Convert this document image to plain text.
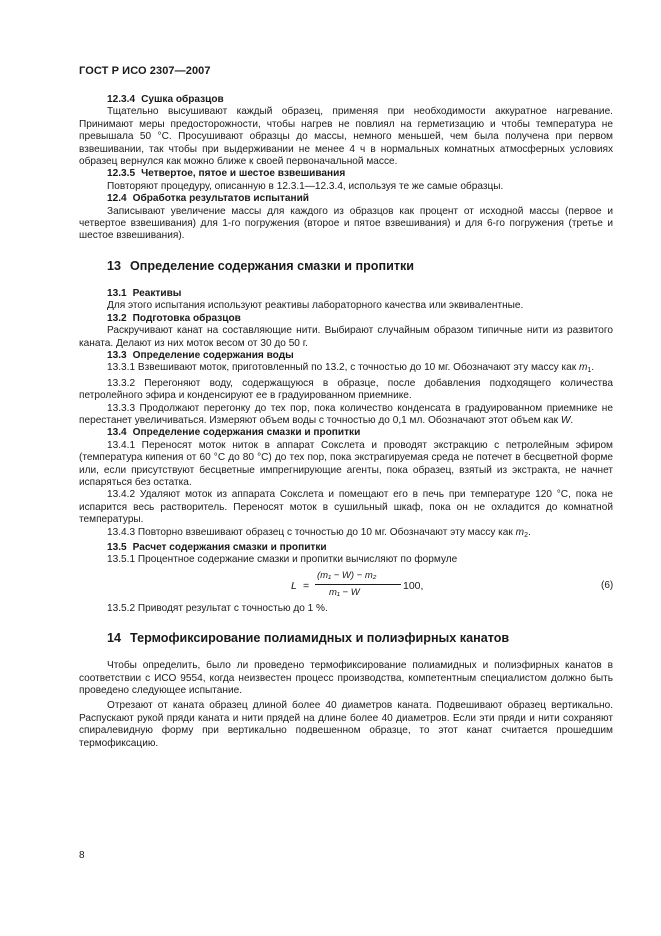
ГОСТ Р ИСО 2307—2007
12.3.4 Сушка образцов

Тщательно высушивают каждый образец, применяя при необходимости аккуратное нагревание. Принимают меры предосторожности, чтобы нагрев не повлиял на герметизацию и чтобы температура не превышала 50 °С. Просушивают образцы до массы, немного меньшей, чем была получена при первом взвешивании, так чтобы при выдерживании не менее 4 ч в нормальных комнатных атмосферных условиях образец вернулся как можно ближе к своей первоначальной массе.

12.3.5 Четвертое, пятое и шестое взвешивания

Повторяют процедуру, описанную в 12.3.1—12.3.4, используя те же самые образцы.

12.4 Обработка результатов испытаний

Записывают увеличение массы для каждого из образцов как процент от исходной массы (первое и четвертое взвешивания) для 1-го погружения (второе и пятое взвешивания) и для 6-го погружения (третье и шестое взвешивания).

13 Определение содержания смазки и пропитки
13.1 Реактивы

Для этого испытания используют реактивы лабораторного качества или эквивалентные.

13.2 Подготовка образцов

Раскручивают канат на составляющие нити. Выбирают случайным образом типичные нити из развитого каната. Делают из них моток весом от 30 до 50 г.

13.3 Определение содержания воды

13.3.1 Взвешивают моток, приготовленный по 13.2, с точностью до 10 мг. Обозначают эту массу как $m_1$.

13.3.2 Перегоняют воду, содержащуюся в образце, после добавления подходящего количества петролейного эфира и конденсируют ее в градуированном приемнике.

13.3.3 Продолжают перегонку до тех пор, пока количество конденсата в градуированном приемнике не перестанет увеличиваться. Измеряют объем воды с точностью до 0,1 мл. Обозначают этот объем как W.

13.4 Определение содержания смазки и пропитки

13.4.1 Переносят моток ниток в аппарат Сокслета и проводят экстракцию с петролейным эфиром (температура кипения от 60 °С до 80 °С) до тех пор, пока экстрагируемая среда не потечет в бесцветной форме или, если присутствуют бесцветные импрегнирующие агенты, пока образец, взятый из экстракта, не начнет испаряться без остатка.

13.4.2 Удаляют моток из аппарата Сокслета и помещают его в печь при температуре 120 °С, пока не испарится весь растворитель. Переносят моток в сушильный шкаф, пока он не охладится до комнатной температуры.

13.4.3 Повторно взвешивают образец с точностью до 10 мг. Обозначают эту массу как $m_2$.

13.5 Расчет содержания смазки и пропитки

13.5.1 Процентное содержание смазки и пропитки вычисляют по формуле

L =
(m₁ − W) − m₂
m₁ − W
100,	(6)

13.5.2 Приводят результат с точностью до 1 %.

14 Термофиксирование полиамидных и полиэфирных канатов

Чтобы определить, было ли проведено термофиксирование полиамидных и полиэфирных канатов в соответствии с ИСО 9554, когда неизвестен процесс производства, компетентным специалистом должно быть проведено следующее испытание.

Отрезают от каната образец длиной более 40 диаметров каната. Подвешивают образец вертикально. Распускают рукой пряди каната и нити прядей на длине более 40 диаметров. Если эти пряди и нити сохраняют спиралевидную форму при вертикально подвешенном образце, то этот канат считается прошедшим термофиксацию.

8
